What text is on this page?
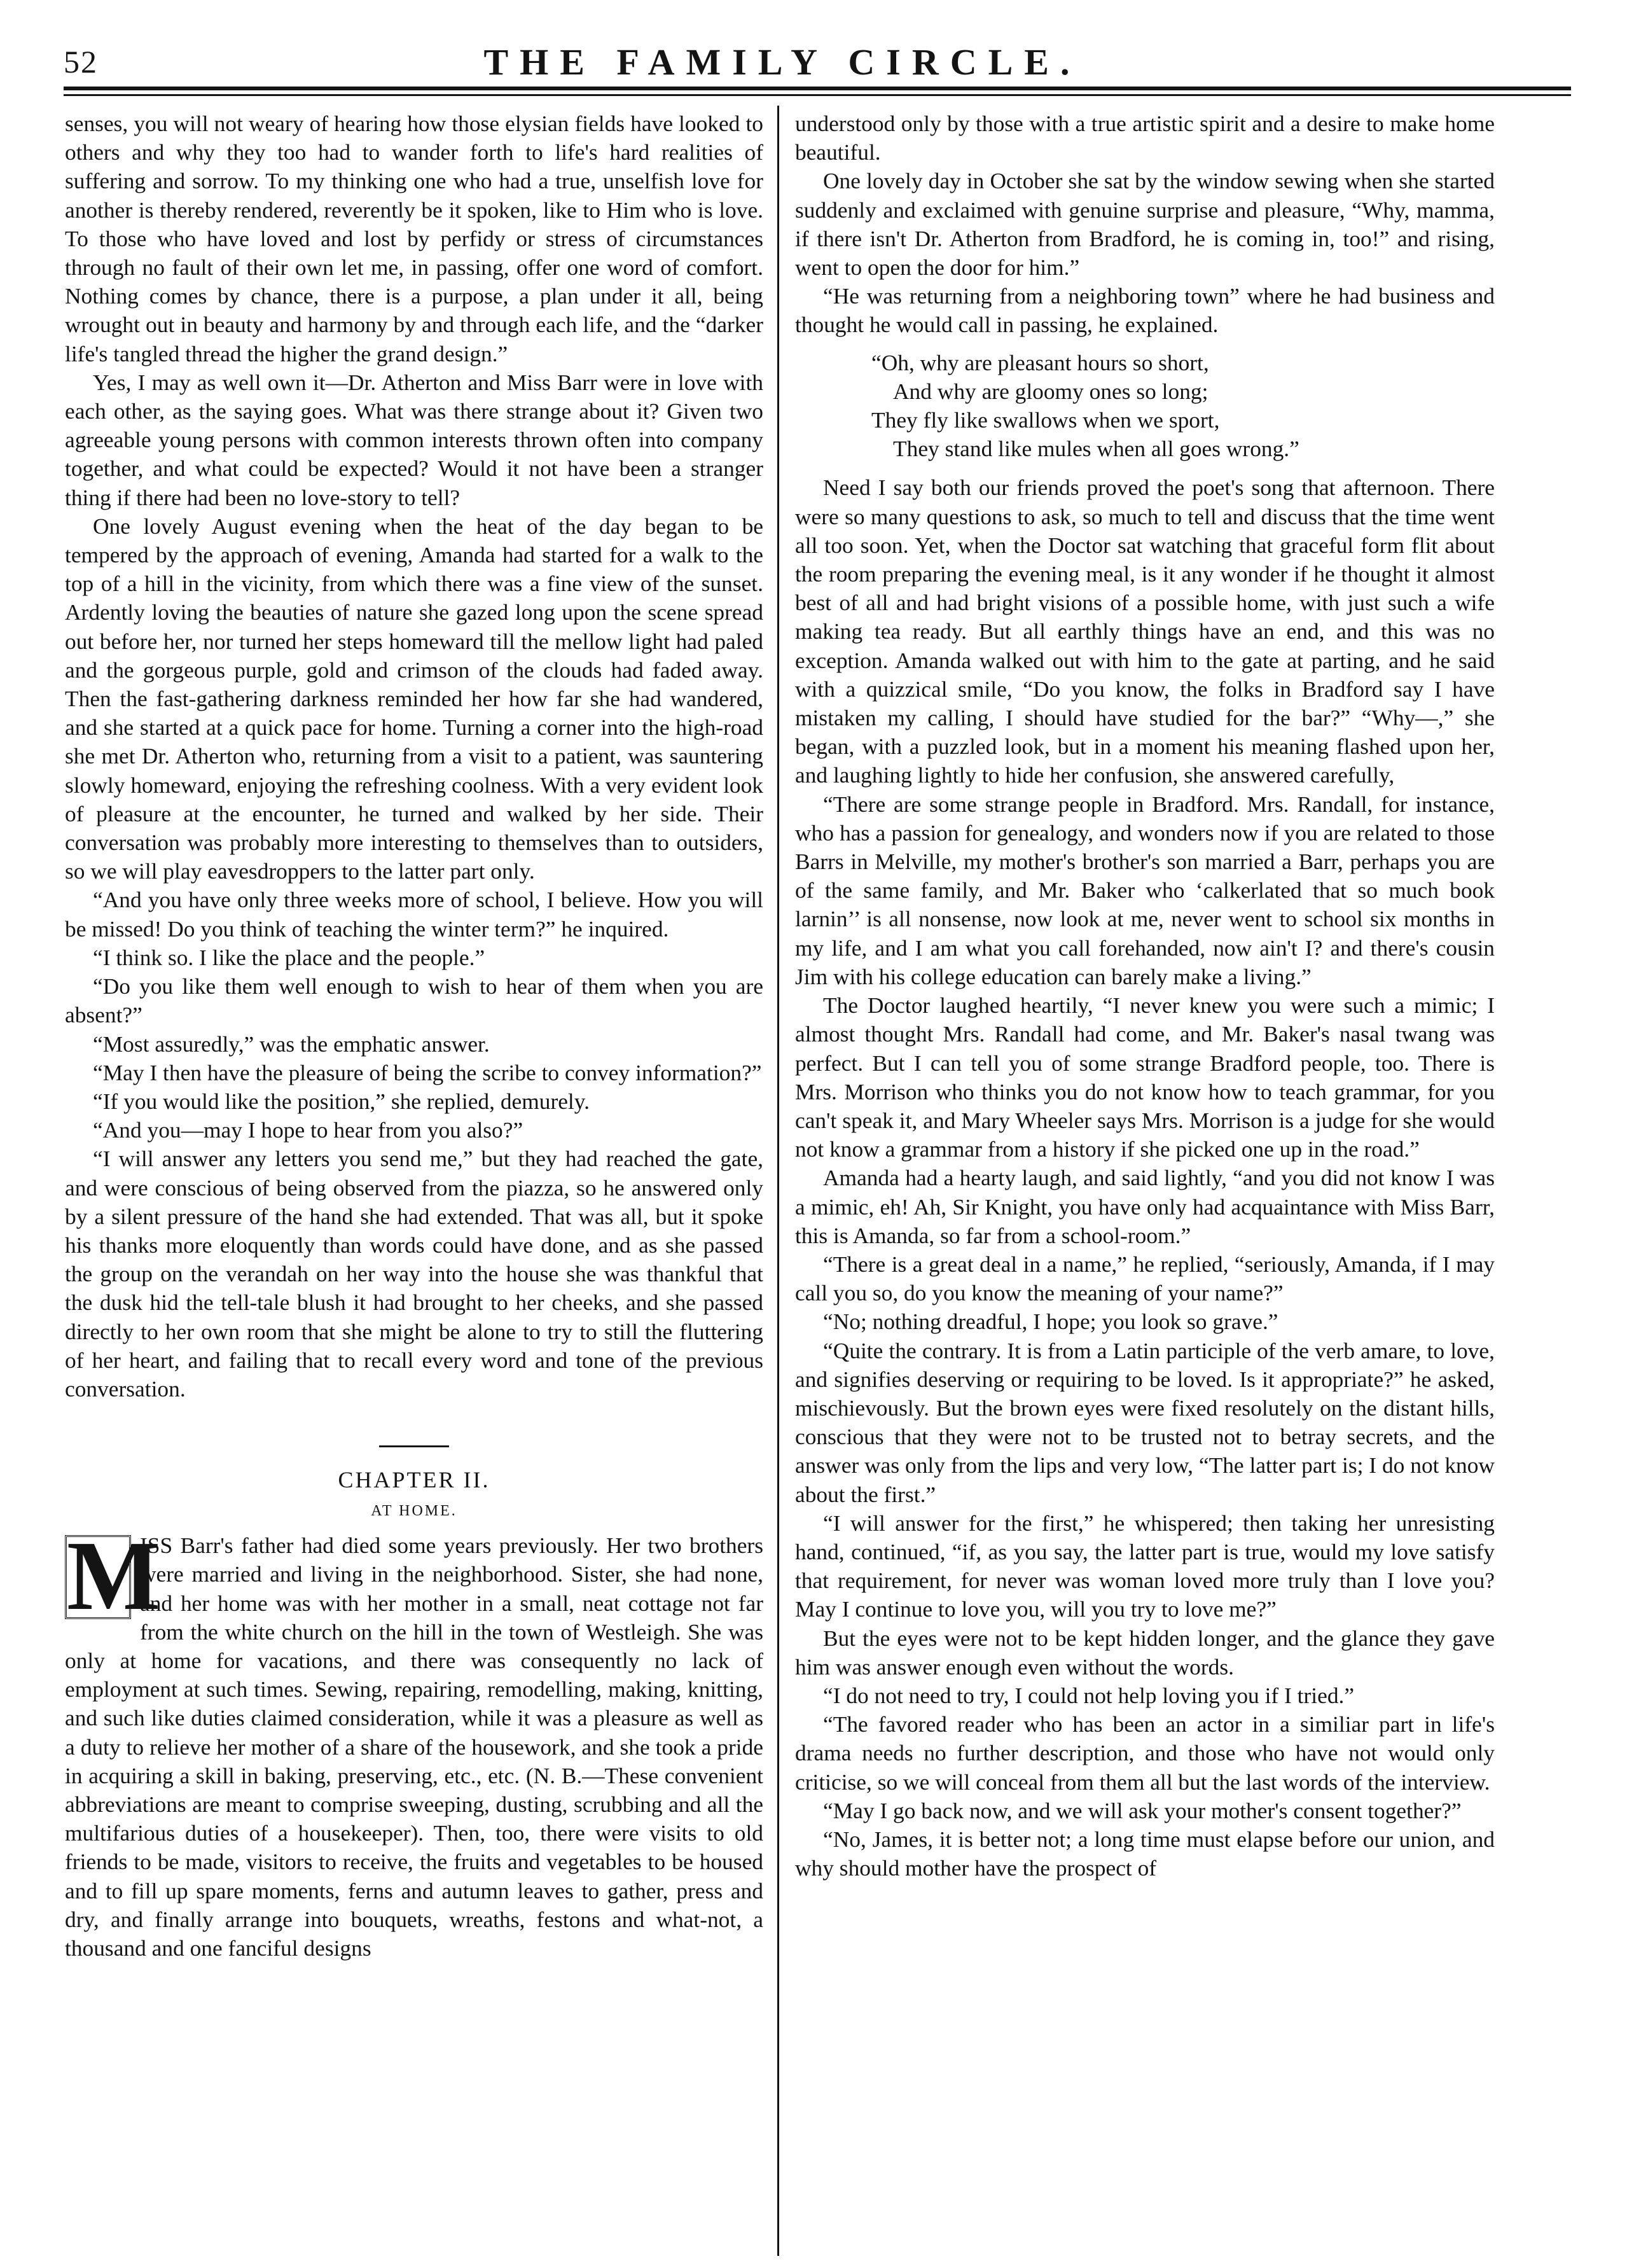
52	THE FAMILY CIRCLE.

senses, you will not weary of hearing how those elysian fields have looked to others and why they too had to wander forth to life's hard realities of suffering and sorrow. To my thinking one who had a true, unselfish love for another is thereby rendered, reverently be it spoken, like to Him who is love. To those who have loved and lost by perfidy or stress of circumstances through no fault of their own let me, in passing, offer one word of comfort. Nothing comes by chance, there is a purpose, a plan under it all, being wrought out in beauty and harmony by and through each life, and the “darker life's tangled thread the higher the grand design.”

Yes, I may as well own it—Dr. Atherton and Miss Barr were in love with each other, as the saying goes. What was there strange about it? Given two agreeable young persons with common interests thrown often into company together, and what could be expected? Would it not have been a stranger thing if there had been no love-story to tell?

One lovely August evening when the heat of the day began to be tempered by the approach of evening, Amanda had started for a walk to the top of a hill in the vicinity, from which there was a fine view of the sunset. Ardently loving the beauties of nature she gazed long upon the scene spread out before her, nor turned her steps homeward till the mellow light had paled and the gorgeous purple, gold and crimson of the clouds had faded away. Then the fast-gathering darkness reminded her how far she had wandered, and she started at a quick pace for home. Turning a corner into the high-road she met Dr. Atherton who, returning from a visit to a patient, was sauntering slowly homeward, enjoying the refreshing coolness. With a very evident look of pleasure at the encounter, he turned and walked by her side. Their conversation was probably more interesting to themselves than to outsiders, so we will play eavesdroppers to the latter part only.

“And you have only three weeks more of school, I believe. How you will be missed! Do you think of teaching the winter term?” he inquired.

“I think so. I like the place and the people.”

“Do you like them well enough to wish to hear of them when you are absent?”

“Most assuredly,” was the emphatic answer.

“May I then have the pleasure of being the scribe to convey information?”

“If you would like the position,” she replied, demurely.

“And you—may I hope to hear from you also?”

“I will answer any letters you send me,” but they had reached the gate, and were conscious of being observed from the piazza, so he answered only by a silent pressure of the hand she had extended. That was all, but it spoke his thanks more eloquently than words could have done, and as she passed the group on the verandah on her way into the house she was thankful that the dusk hid the tell-tale blush it had brought to her cheeks, and she passed directly to her own room that she might be alone to try to still the fluttering of her heart, and failing that to recall every word and tone of the previous conversation.

CHAPTER II.
AT HOME.

M
ISS Barr's father had died some years previously. Her two brothers were married and living in the neighborhood. Sister, she had none, and her home was with her mother in a small, neat cottage not far from the white church on the hill in the town of Westleigh. She was only at home for vacations, and there was consequently no lack of employment at such times. Sewing, repairing, remodelling, making, knitting, and such like duties claimed consideration, while it was a pleasure as well as a duty to relieve her mother of a share of the housework, and she took a pride in acquiring a skill in baking, preserving, etc., etc. (N. B.—These convenient abbreviations are meant to comprise sweeping, dusting, scrubbing and all the multifarious duties of a housekeeper). Then, too, there were visits to old friends to be made, visitors to receive, the fruits and vegetables to be housed and to fill up spare moments, ferns and autumn leaves to gather, press and dry, and finally arrange into bouquets, wreaths, festons and what-not, a thousand and one fanciful designs

understood only by those with a true artistic spirit and a desire to make home beautiful.

One lovely day in October she sat by the window sewing when she started suddenly and exclaimed with genuine surprise and pleasure, “Why, mamma, if there isn't Dr. Atherton from Bradford, he is coming in, too!” and rising, went to open the door for him.”

“He was returning from a neighboring town” where he had business and thought he would call in passing, he explained.

“Oh, why are pleasant hours so short,
And why are gloomy ones so long;
They fly like swallows when we sport,
They stand like mules when all goes wrong.”

Need I say both our friends proved the poet's song that afternoon. There were so many questions to ask, so much to tell and discuss that the time went all too soon. Yet, when the Doctor sat watching that graceful form flit about the room preparing the evening meal, is it any wonder if he thought it almost best of all and had bright visions of a possible home, with just such a wife making tea ready. But all earthly things have an end, and this was no exception. Amanda walked out with him to the gate at parting, and he said with a quizzical smile, “Do you know, the folks in Bradford say I have mistaken my calling, I should have studied for the bar?” “Why—,” she began, with a puzzled look, but in a moment his meaning flashed upon her, and laughing lightly to hide her confusion, she answered carefully,

“There are some strange people in Bradford. Mrs. Randall, for instance, who has a passion for genealogy, and wonders now if you are related to those Barrs in Melville, my mother's brother's son married a Barr, perhaps you are of the same family, and Mr. Baker who ‘calkerlated that so much book larnin’’ is all nonsense, now look at me, never went to school six months in my life, and I am what you call forehanded, now ain't I? and there's cousin Jim with his college education can barely make a living.”

The Doctor laughed heartily, “I never knew you were such a mimic; I almost thought Mrs. Randall had come, and Mr. Baker's nasal twang was perfect. But I can tell you of some strange Bradford people, too. There is Mrs. Morrison who thinks you do not know how to teach grammar, for you can't speak it, and Mary Wheeler says Mrs. Morrison is a judge for she would not know a grammar from a history if she picked one up in the road.”

Amanda had a hearty laugh, and said lightly, “and you did not know I was a mimic, eh! Ah, Sir Knight, you have only had acquaintance with Miss Barr, this is Amanda, so far from a school-room.”

“There is a great deal in a name,” he replied, “seriously, Amanda, if I may call you so, do you know the meaning of your name?”

“No; nothing dreadful, I hope; you look so grave.”

“Quite the contrary. It is from a Latin participle of the verb amare, to love, and signifies deserving or requiring to be loved. Is it appropriate?” he asked, mischievously. But the brown eyes were fixed resolutely on the distant hills, conscious that they were not to be trusted not to betray secrets, and the answer was only from the lips and very low, “The latter part is; I do not know about the first.”

“I will answer for the first,” he whispered; then taking her unresisting hand, continued, “if, as you say, the latter part is true, would my love satisfy that requirement, for never was woman loved more truly than I love you? May I continue to love you, will you try to love me?”

But the eyes were not to be kept hidden longer, and the glance they gave him was answer enough even without the words.

“I do not need to try, I could not help loving you if I tried.”

“The favored reader who has been an actor in a similiar part in life's drama needs no further description, and those who have not would only criticise, so we will conceal from them all but the last words of the interview.

“May I go back now, and we will ask your mother's consent together?”

“No, James, it is better not; a long time must elapse before our union, and why should mother have the prospect of
